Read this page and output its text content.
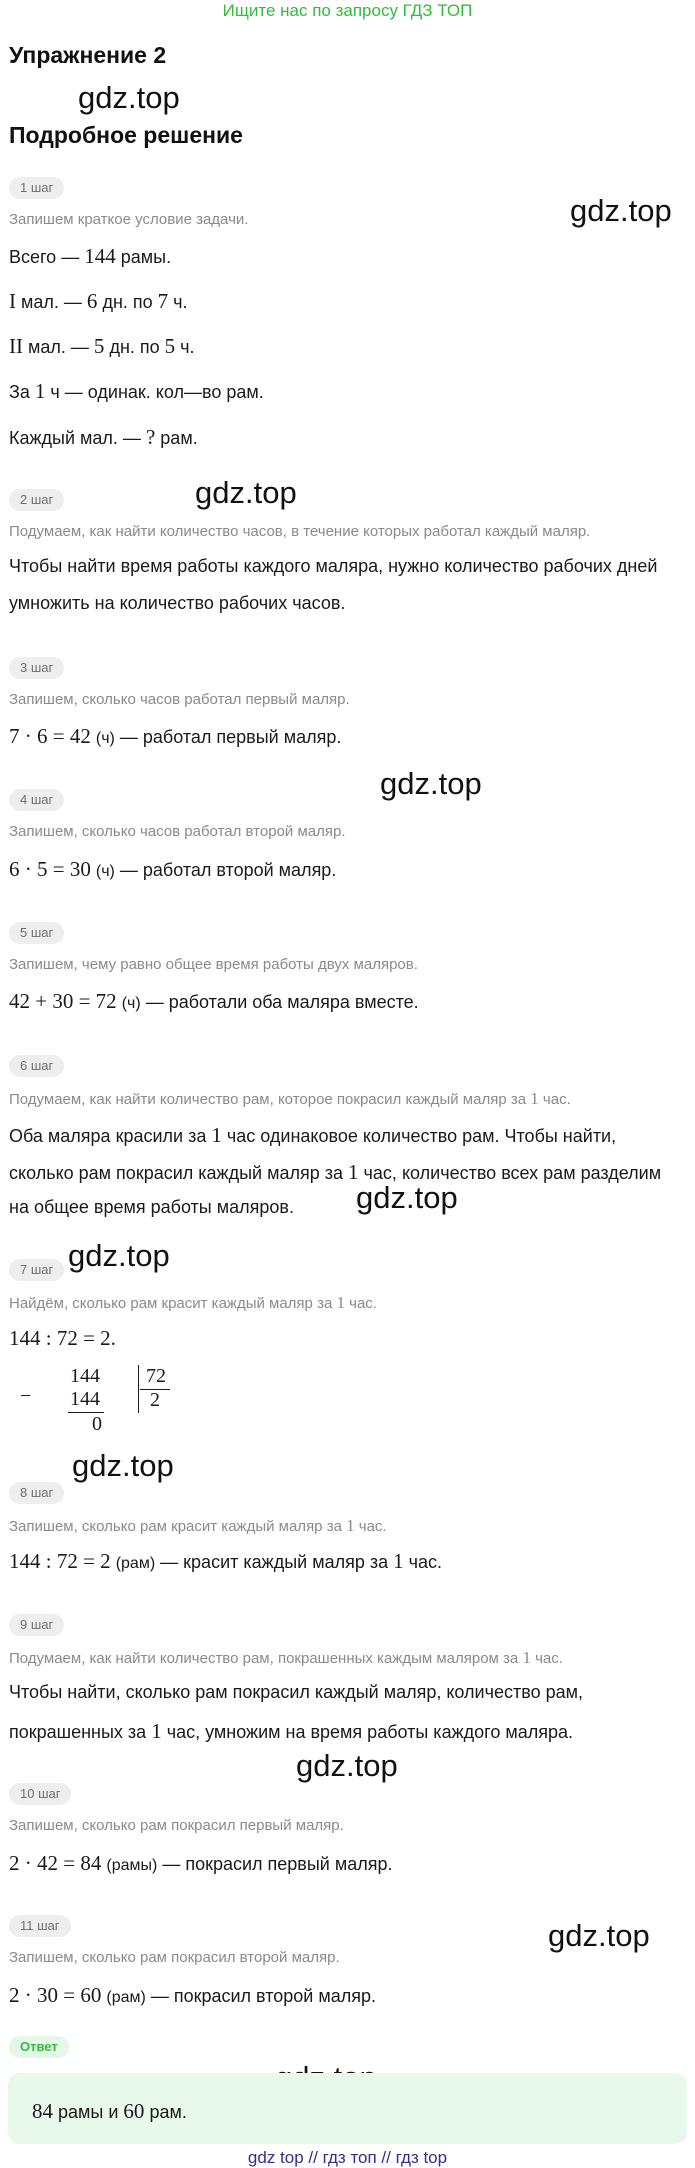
Ищите нас по запросу ГДЗ ТОП
Упражнение 2
Подробное решение
gdz.top
gdz.top
gdz.top
gdz.top
gdz.top
gdz.top
gdz.top
gdz.top
gdz.top
1 шаг
Запишем краткое условие задачи.
Всего — 144 рамы.
I мал. — 6 дн. по 7 ч.
II мал. — 5 дн. по 5 ч.
За 1 ч — одинак. кол—во рам.
Каждый мал. — ? рам.
2 шаг
Подумаем, как найти количество часов, в течение которых работал каждый маляр.
Чтобы найти время работы каждого маляра, нужно количество рабочих дней
умножить на количество рабочих часов.
3 шаг
Запишем, сколько часов работал первый маляр.
7 · 6 = 42 (ч) — работал первый маляр.
4 шаг
Запишем, сколько часов работал второй маляр.
6 · 5 = 30 (ч) — работал второй маляр.
5 шаг
Запишем, чему равно общее время работы двух маляров.
42 + 30 = 72 (ч) — работали оба маляра вместе.
6 шаг
Подумаем, как найти количество рам, которое покрасил каждый маляр за 1 час.
Оба маляра красили за 1 час одинаковое количество рам. Чтобы найти,
сколько рам покрасил каждый маляр за 1 час, количество всех рам разделим
на общее время работы маляров.
7 шаг
Найдём, сколько рам красит каждый маляр за 1 час.
144 : 72 = 2.
−
144
144
0
72
2
8 шаг
Запишем, сколько рам красит каждый маляр за 1 час.
144 : 72 = 2 (рам) — красит каждый маляр за 1 час.
9 шаг
Подумаем, как найти количество рам, покрашенных каждым маляром за 1 час.
Чтобы найти, сколько рам покрасил каждый маляр, количество рам,
покрашенных за 1 час, умножим на время работы каждого маляра.
10 шаг
Запишем, сколько рам покрасил первый маляр.
2 · 42 = 84 (рамы) — покрасил первый маляр.
11 шаг
Запишем, сколько рам покрасил второй маляр.
2 · 30 = 60 (рам) — покрасил второй маляр.
Ответ
84 рамы и 60 рам.
gdz top // гдз топ // гдз top
